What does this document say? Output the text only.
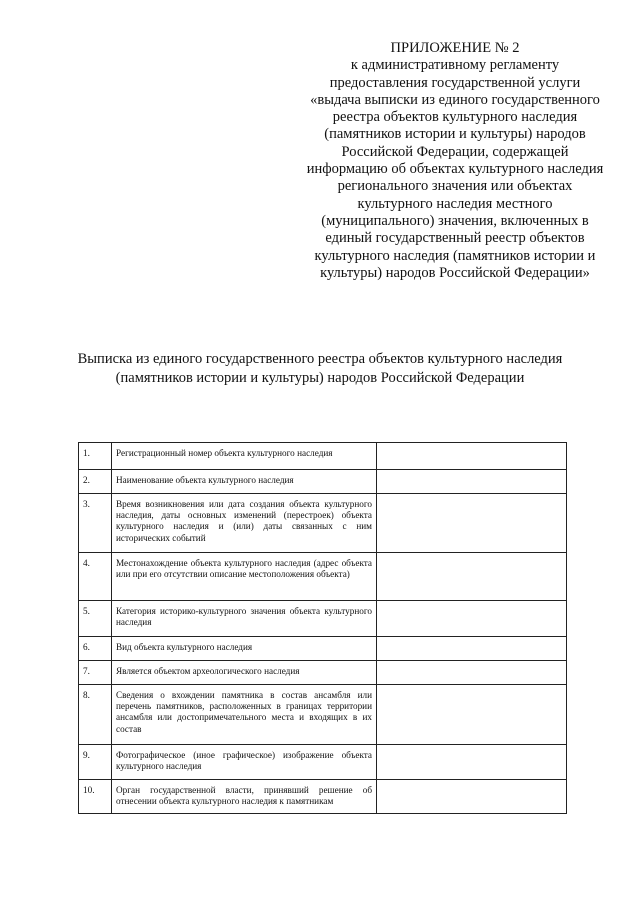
ПРИЛОЖЕНИЕ № 2
к административному регламенту
предоставления государственной услуги
«выдача выписки из единого государственного
реестра объектов культурного наследия
(памятников истории и культуры) народов
Российской Федерации, содержащей
информацию об объектах культурного наследия
регионального значения или объектах
культурного наследия местного
(муниципального) значения, включенных в
единый государственный реестр объектов
культурного наследия (памятников истории и
культуры) народов Российской Федерации»
Выписка из единого государственного реестра объектов культурного наследия
(памятников истории и культуры) народов Российской Федерации
1.	Регистрационный номер объекта культурного наследия	
2.	Наименование объекта культурного наследия	
3.	Время возникновения или дата создания объекта культурного наследия, даты основных изменений (перестроек) объекта культурного наследия и (или) даты связанных с ним исторических событий	
4.	Местонахождение объекта культурного наследия (адрес объекта или при его отсутствии описание местоположения объекта)	
5.	Категория историко-культурного значения объекта культурного наследия	
6.	Вид объекта культурного наследия	
7.	Является объектом археологического наследия	
8.	Сведения о вхождении памятника в состав ансамбля или перечень памятников, расположенных в границах территории ансамбля или достопримечательного места и входящих в их состав	
9.	Фотографическое (иное графическое) изображение объекта культурного наследия	
10.	Орган государственной власти, принявший решение об отнесении объекта культурного наследия к памятникам	
